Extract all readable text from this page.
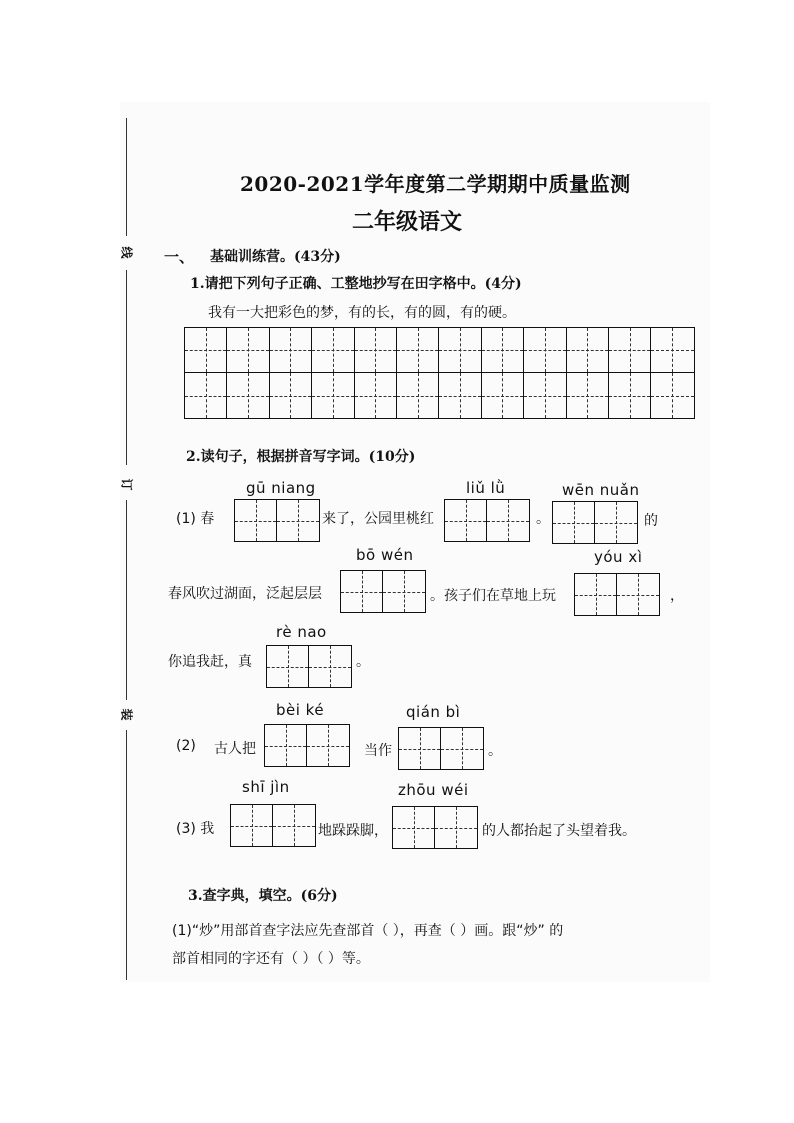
线
订
装
2020-2021学年度第二学期期中质量监测
二年级语文
一、 基础训练营。(43分)
1.请把下列句子正确、工整地抄写在田字格中。(4分)
我有一大把彩色的梦，有的长，有的圆，有的硬。
2.读句子，根据拼音写字词。(10分)
gū niang	liǔ lǜ	wēn nuǎn
(1) 春	来了，公园里桃红	。	的
bō wén	yóu xì
春风吹过湖面，泛起层层	。孩子们在草地上玩	，
rè nao
你追我赶，真	。
bèi ké	qián bì
(2) 古人把	当作	。
shī jìn	zhōu wéi
(3) 我	地跺跺脚，	的人都抬起了头望着我。
3.查字典，填空。(6分)
(1)“炒”用部首查字法应先查部首（ ），再查（ ）画。跟“炒” 的
部首相同的字还有（ ）（ ）等。
